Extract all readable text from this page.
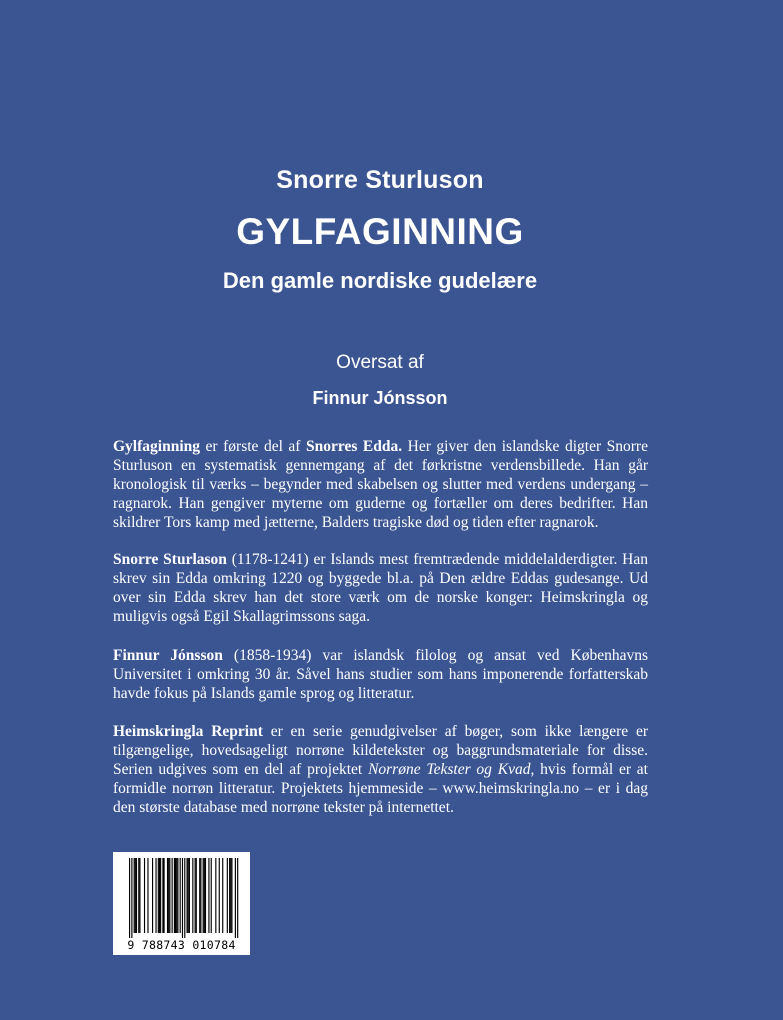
Snorre Sturluson
GYLFAGINNING
Den gamle nordiske gudelære
Oversat af
Finnur Jónsson
Gylfaginning er første del af Snorres Edda. Her giver den islandske digter Snorre Sturluson en systematisk gennemgang af det førkristne verdensbillede. Han går kronologisk til værks – begynder med skabelsen og slutter med verdens undergang – ragnarok. Han gengiver myterne om guderne og fortæller om deres bedrifter. Han skildrer Tors kamp med jætterne, Balders tragiske død og tiden efter ragnarok.
Snorre Sturlason (1178-1241) er Islands mest fremtrædende middelalderdigter. Han skrev sin Edda omkring 1220 og byggede bl.a. på Den ældre Eddas gudesange. Ud over sin Edda skrev han det store værk om de norske konger: Heimskringla og muligvis også Egil Skallagrimssons saga.
Finnur Jónsson (1858-1934) var islandsk filolog og ansat ved Københavns Universitet i omkring 30 år. Såvel hans studier som hans imponerende forfatterskab havde fokus på Islands gamle sprog og litteratur.
Heimskringla Reprint er en serie genudgivelser af bøger, som ikke længere er tilgængelige, hovedsageligt norrøne kildetekster og baggrundsmateriale for disse. Serien udgives som en del af projektet Norrøne Tekster og Kvad, hvis formål er at formidle norrøn litteratur. Projektets hjemmeside – www.heimskringla.no – er i dag den største database med norrøne tekster på internettet.
9 788743 010784
